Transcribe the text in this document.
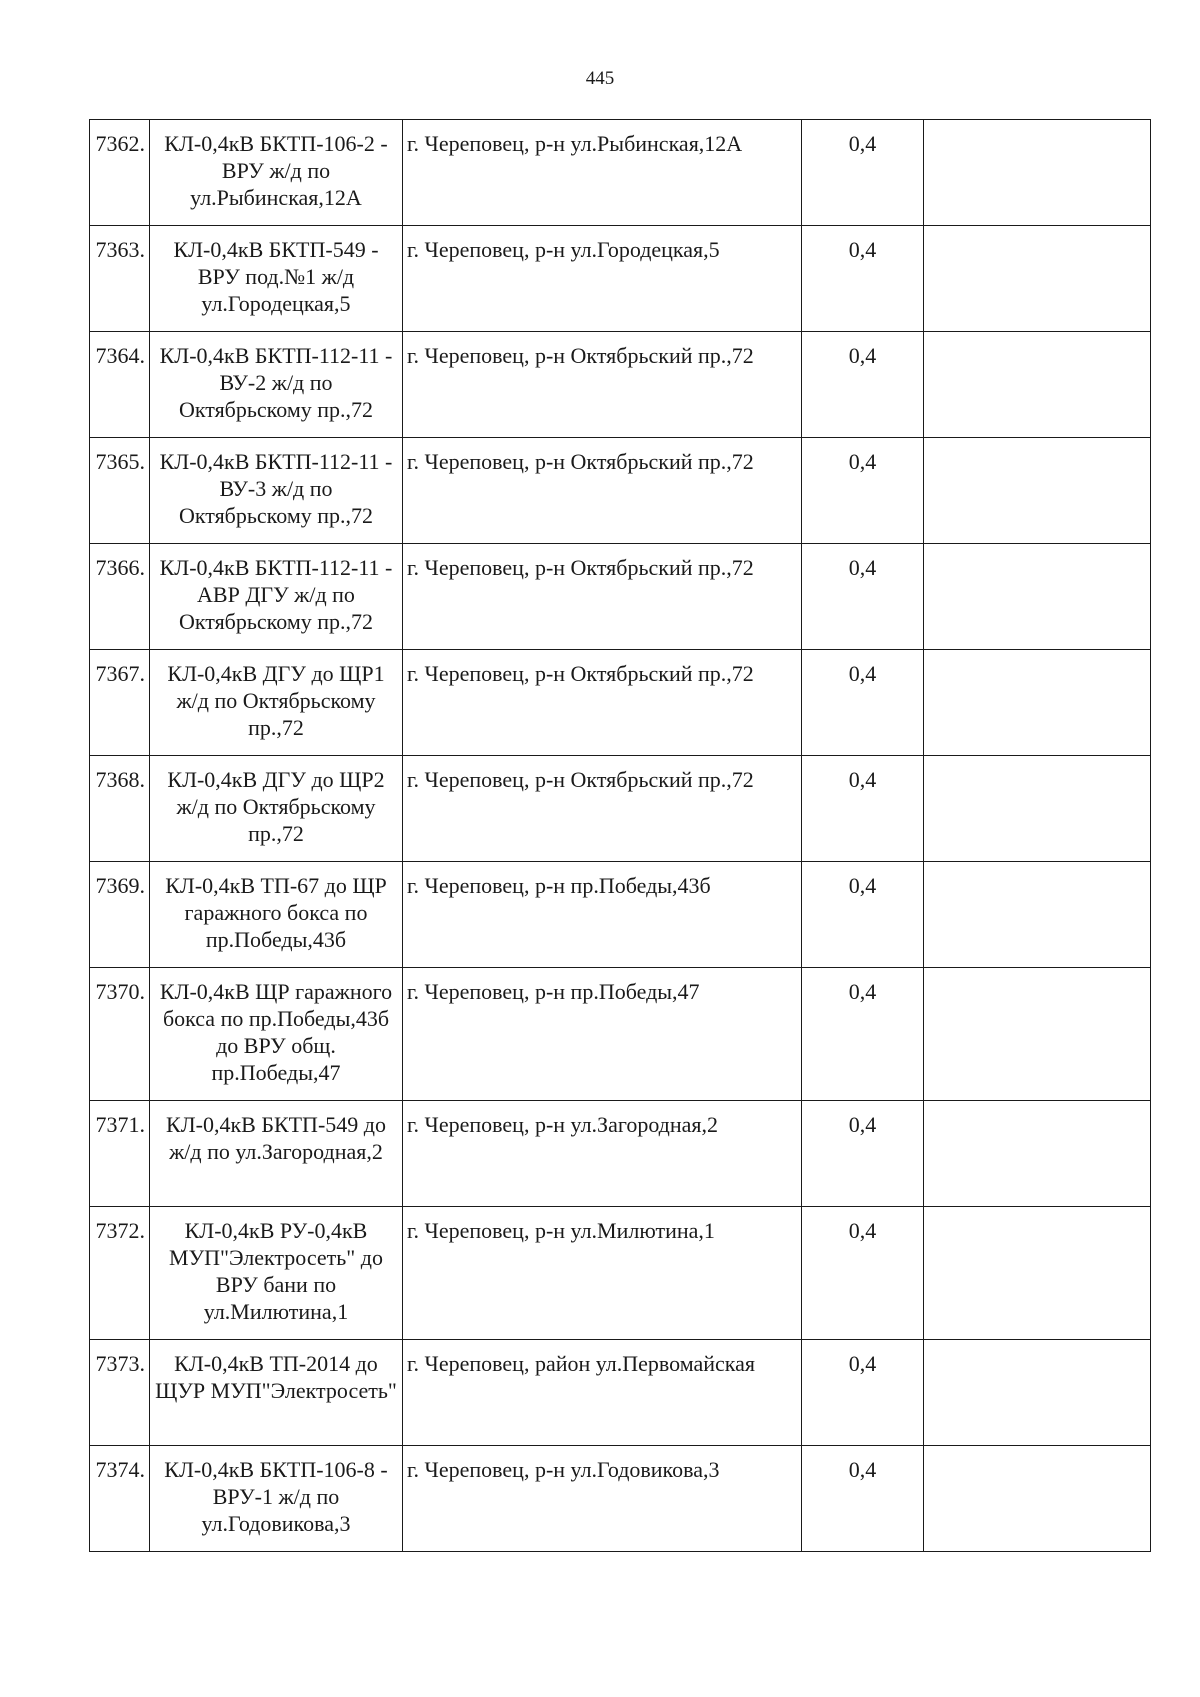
445
7362.	КЛ-0,4кВ БКТП-106-2 - ВРУ ж/д по ул.Рыбинская,12А	г. Череповец, р-н ул.Рыбинская,12А	0,4	
7363.	КЛ-0,4кВ БКТП-549 - ВРУ под.№1 ж/д ул.Городецкая,5	г. Череповец, р-н ул.Городецкая,5	0,4	
7364.	КЛ-0,4кВ БКТП-112-11 - ВУ-2 ж/д по Октябрьскому пр.,72	г. Череповец, р-н Октябрьский пр.,72	0,4	
7365.	КЛ-0,4кВ БКТП-112-11 - ВУ-3 ж/д по Октябрьскому пр.,72	г. Череповец, р-н Октябрьский пр.,72	0,4	
7366.	КЛ-0,4кВ БКТП-112-11 - АВР ДГУ ж/д по Октябрьскому пр.,72	г. Череповец, р-н Октябрьский пр.,72	0,4	
7367.	КЛ-0,4кВ ДГУ до ЩР1 ж/д по Октябрьскому пр.,72	г. Череповец, р-н Октябрьский пр.,72	0,4	
7368.	КЛ-0,4кВ ДГУ до ЩР2 ж/д по Октябрьскому пр.,72	г. Череповец, р-н Октябрьский пр.,72	0,4	
7369.	КЛ-0,4кВ ТП-67 до ЩР гаражного бокса по пр.Победы,43б	г. Череповец, р-н пр.Победы,43б	0,4	
7370.	КЛ-0,4кВ ЩР гаражного бокса по пр.Победы,43б до ВРУ общ. пр.Победы,47	г. Череповец, р-н пр.Победы,47	0,4	
7371.	КЛ-0,4кВ БКТП-549 до ж/д по ул.Загородная,2	г. Череповец, р-н ул.Загородная,2	0,4	
7372.	КЛ-0,4кВ РУ-0,4кВ МУП"Электросеть" до ВРУ бани по ул.Милютина,1	г. Череповец, р-н ул.Милютина,1	0,4	
7373.	КЛ-0,4кВ ТП-2014 до ЩУР МУП"Электросеть"	г. Череповец, район ул.Первомайская	0,4	
7374.	КЛ-0,4кВ БКТП-106-8 - ВРУ-1 ж/д по ул.Годовикова,3	г. Череповец, р-н ул.Годовикова,3	0,4	
